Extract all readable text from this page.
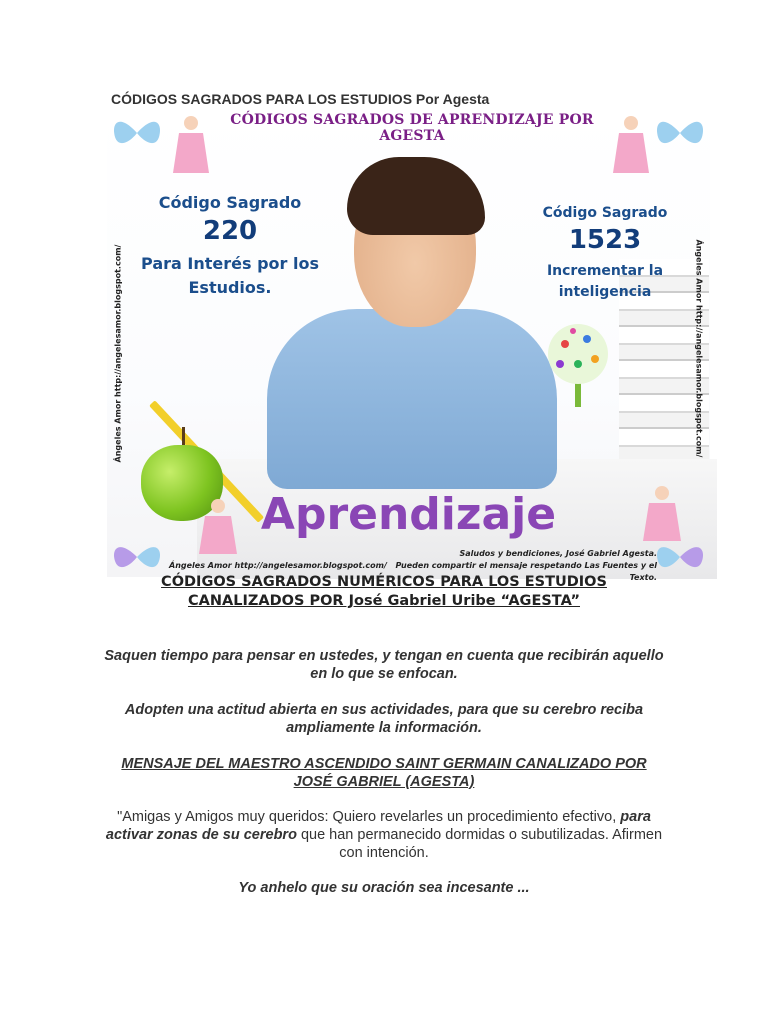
CÓDIGOS SAGRADOS PARA LOS ESTUDIOS Por Agesta
CÓDIGOS SAGRADOS DE APRENDIZAJE POR AGESTA
Ángeles Amor http://angelesamor.blogspot.com/	Ángeles Amor http://angelesamor.blogspot.com/
Código Sagrado
220
Para Interés por los Estudios.
Código Sagrado
1523
Incrementar la inteligencia
Aprendizaje
Ángeles Amor http://angelesamor.blogspot.com/
Saludos y bendiciones, José Gabriel Agesta.
Pueden compartir el mensaje respetando Las Fuentes y el Texto.
CÓDIGOS SAGRADOS NUMÉRICOS PARA LOS ESTUDIOS
CANALIZADOS POR José Gabriel Uribe “AGESTA”
Saquen tiempo para pensar en ustedes, y tengan en cuenta que recibirán aquello en lo que se enfocan.
Adopten una actitud abierta en sus actividades, para que su cerebro reciba ampliamente la información.
MENSAJE DEL MAESTRO ASCENDIDO SAINT GERMAIN CANALIZADO POR JOSÉ GABRIEL (AGESTA)
"Amigas y Amigos muy queridos: Quiero revelarles un procedimiento efectivo, para activar zonas de su cerebro que han permanecido dormidas o subutilizadas. Afirmen con intención.
Yo anhelo que su oración sea incesante ...
